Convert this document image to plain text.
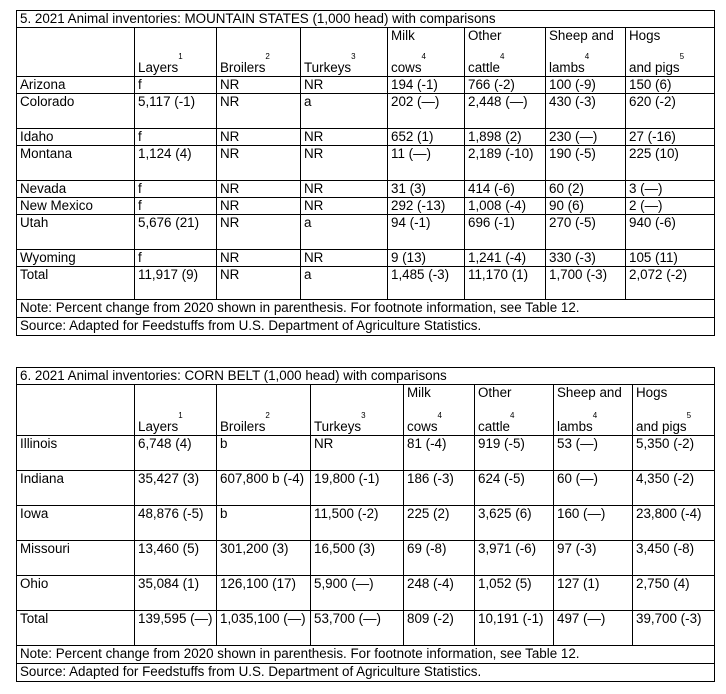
5. 2021 Animal inventories: MOUNTAIN STATES (1,000 head) with comparisons							
				Milk	Other	Sheep and	Hogs
	Layers$^1$	Broilers$^2$	Turkeys$^3$	cows$^4$	cattle$^4$	lambs$^4$	and pigs$^5$
Arizona	f	NR	NR	194 (-1)	766 (-2)	100 (-9)	150 (6)
Colorado	5,117 (-1)	NR	a	202 (—)	2,448 (—)	430 (-3)	620 (-2)
Idaho	f	NR	NR	652 (1)	1,898 (2)	230 (—)	27 (-16)
Montana	1,124 (4)	NR	NR	11 (—)	2,189 (-10)	190 (-5)	225 (10)
Nevada	f	NR	NR	31 (3)	414 (-6)	60 (2)	3 (—)
New Mexico	f	NR	NR	292 (-13)	1,008 (-4)	90 (6)	2 (—)
Utah	5,676 (21)	NR	a	94 (-1)	696 (-1)	270 (-5)	940 (-6)
Wyoming	f	NR	NR	9 (13)	1,241 (-4)	330 (-3)	105 (11)
Total	11,917 (9)	NR	a	1,485 (-3)	11,170 (1)	1,700 (-3)	2,072 (-2)
Note: Percent change from 2020 shown in parenthesis. For footnote information, see Table 12.							
Source: Adapted for Feedstuffs from U.S. Department of Agriculture Statistics.							
6. 2021 Animal inventories: CORN BELT (1,000 head) with comparisons							
				Milk	Other	Sheep and	Hogs
	Layers$^1$	Broilers$^2$	Turkeys$^3$	cows$^4$	cattle$^4$	lambs$^4$	and pigs$^5$
Illinois	6,748 (4)	b	NR	81 (-4)	919 (-5)	53 (—)	5,350 (-2)
Indiana	35,427 (3)	607,800 b (-4)	19,800 (-1)	186 (-3)	624 (-5)	60 (—)	4,350 (-2)
Iowa	48,876 (-5)	b	11,500 (-2)	225 (2)	3,625 (6)	160 (—)	23,800 (-4)
Missouri	13,460 (5)	301,200 (3)	16,500 (3)	69 (-8)	3,971 (-6)	97 (-3)	3,450 (-8)
Ohio	35,084 (1)	126,100 (17)	5,900 (—)	248 (-4)	1,052 (5)	127 (1)	2,750 (4)
Total	139,595 (—)	1,035,100 (—)	53,700 (—)	809 (-2)	10,191 (-1)	497 (—)	39,700 (-3)
Note: Percent change from 2020 shown in parenthesis. For footnote information, see Table 12.							
Source: Adapted for Feedstuffs from U.S. Department of Agriculture Statistics.							
